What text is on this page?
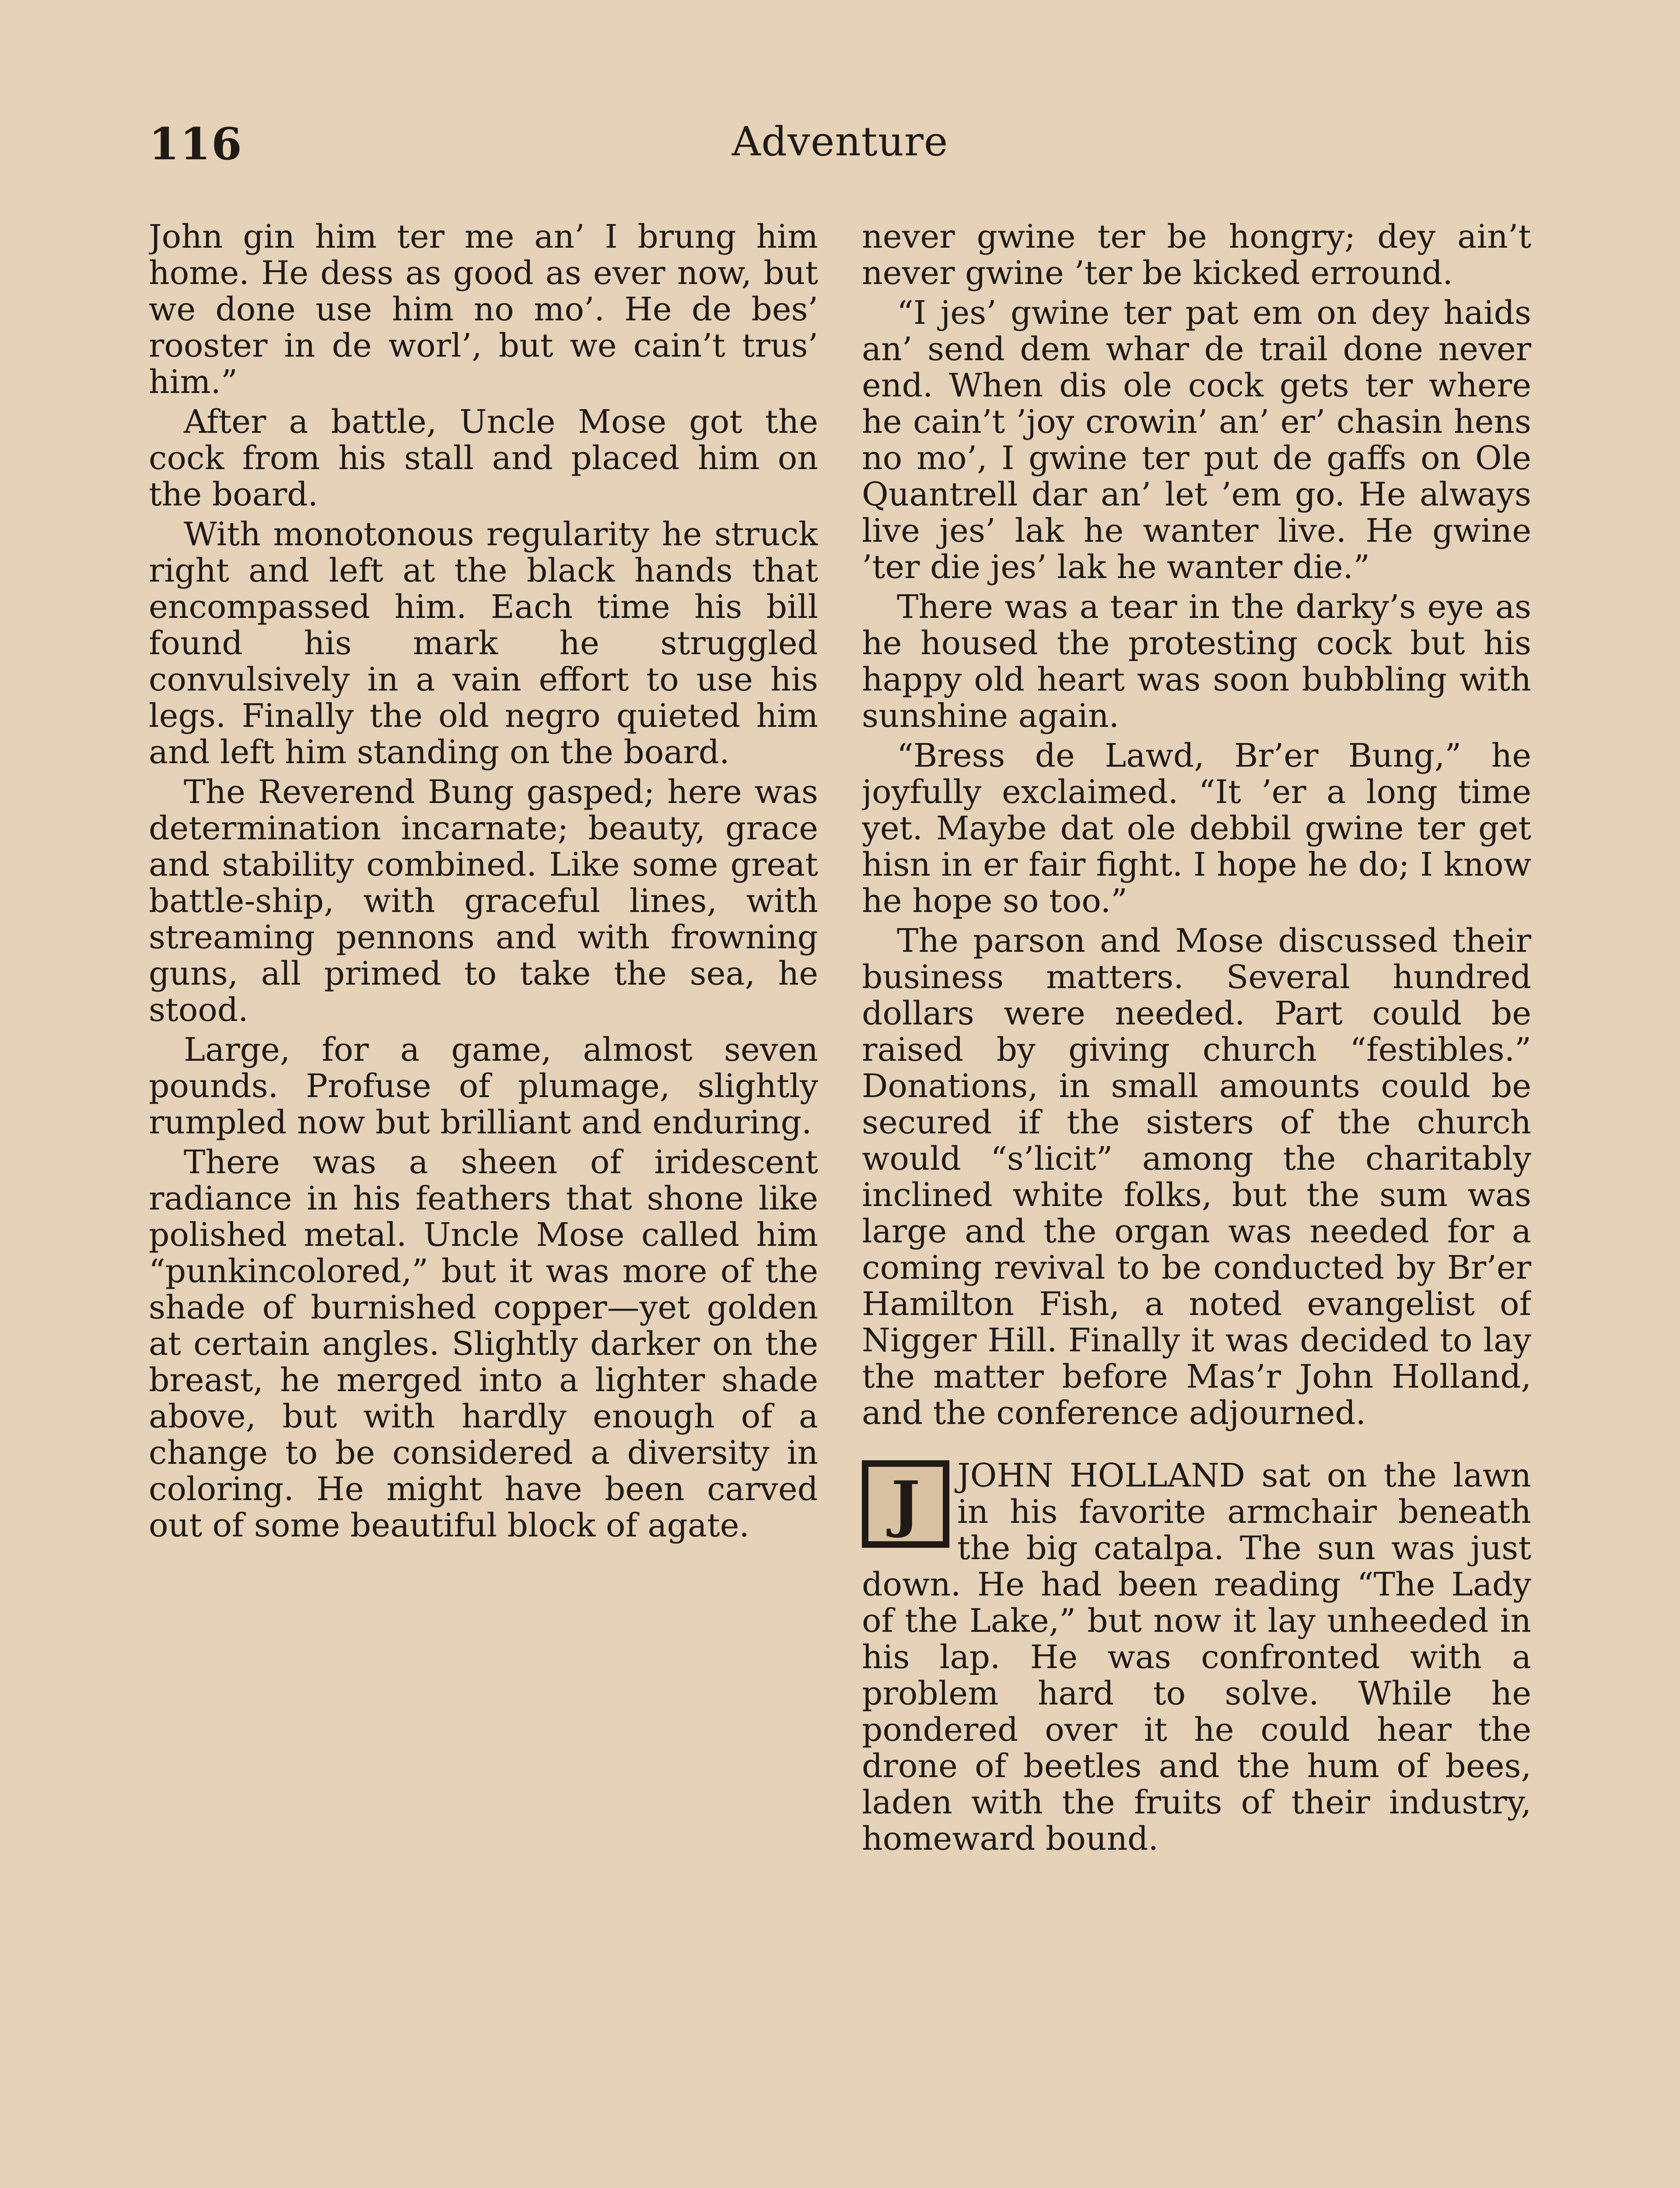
116	Adventure

John gin him ter me an’ I brung him home. He dess as good as ever now, but we done use him no mo’. He de bes’ rooster in de worl’, but we cain’t trus’ him.”

After a battle, Uncle Mose got the cock from his stall and placed him on the board.

With monotonous regularity he struck right and left at the black hands that encompassed him. Each time his bill found his mark he struggled convulsively in a vain effort to use his legs. Finally the old negro quieted him and left him standing on the board.

The Reverend Bung gasped; here was determination incarnate; beauty, grace and stability combined. Like some great battle-ship, with graceful lines, with streaming pennons and with frowning guns, all primed to take the sea, he stood.

Large, for a game, almost seven pounds. Profuse of plumage, slightly rumpled now but brilliant and enduring.

There was a sheen of iridescent radiance in his feathers that shone like polished metal. Uncle Mose called him “punkincolored,” but it was more of the shade of burnished copper—yet golden at certain angles. Slightly darker on the breast, he merged into a lighter shade above, but with hardly enough of a change to be considered a diversity in coloring. He might have been carved out of some beautiful block of agate.

never gwine ter be hongry; dey ain’t never gwine ’ter be kicked erround.

“I jes’ gwine ter pat em on dey haids an’ send dem whar de trail done never end. When dis ole cock gets ter where he cain’t ’joy crowin’ an’ er’ chasin hens no mo’, I gwine ter put de gaffs on Ole Quantrell dar an’ let ’em go. He always live jes’ lak he wanter live. He gwine ’ter die jes’ lak he wanter die.”

There was a tear in the darky’s eye as he housed the protesting cock but his happy old heart was soon bubbling with sunshine again.

“Bress de Lawd, Br’er Bung,” he joyfully exclaimed. “It ’er a long time yet. Maybe dat ole debbil gwine ter get hisn in er fair fight. I hope he do; I know he hope so too.”

The parson and Mose discussed their business matters. Several hundred dollars were needed. Part could be raised by giving church “festibles.” Donations, in small amounts could be secured if the sisters of the church would “s’licit” among the charitably inclined white folks, but the sum was large and the organ was needed for a coming revival to be conducted by Br’er Hamilton Fish, a noted evangelist of Nigger Hill. Finally it was decided to lay the matter before Mas’r John Holland, and the conference adjourned.

J	JOHN HOLLAND sat on the lawn in his favorite armchair beneath the big catalpa. The sun was just down. He had been reading “The Lady of the Lake,” but now it lay unheeded in his lap. He was confronted with a problem hard to solve. While he pondered over it he could hear the drone of beetles and the hum of bees, laden with the fruits of their industry, homeward bound.
